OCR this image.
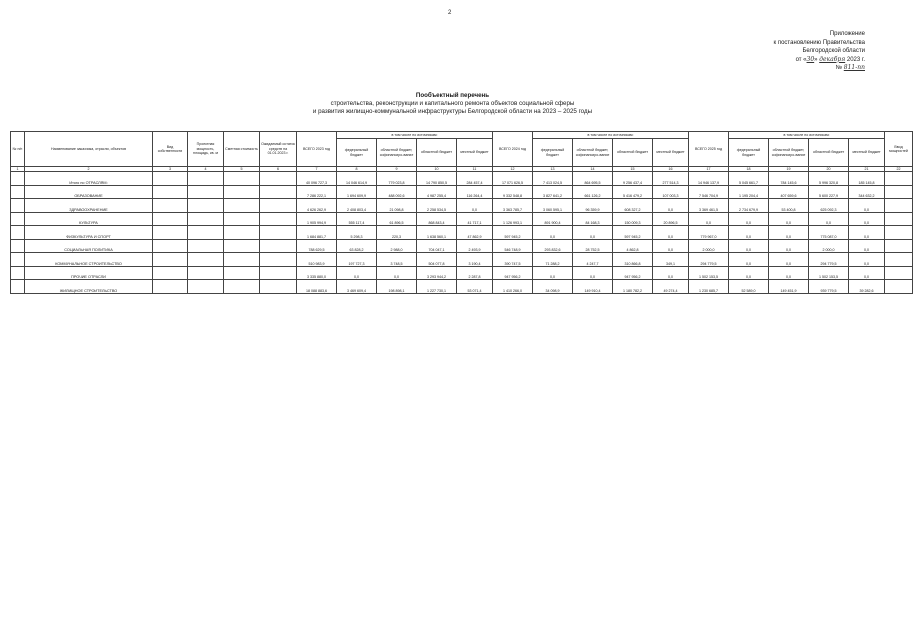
2
Приложение
к постановлению Правительства
Белгородской области
от «30» декабря 2023 г.
№ 811-пп
Пообъектный перечень
строительства, реконструкции и капитального ремонта объектов социальной сферы
и развития жилищно-коммунальной инфраструктуры Белгородской области на 2023 – 2025 годы
№ п/п	Наименование заказчика, отрасли, объектов	Вид собственности	Проектная мощность, площадь, кв. м	Сметная стоимость	Ожидаемый остаток средств на 01.01.2023 г.	ВСЕГО 2023 год	в том числе по источникам:				ВСЕГО 2024 год	в том числе по источникам:				ВСЕГО 2025 год	в том числе по источникам:				Ввод мощностей
							федеральный бюджет	областной бюджет, софинансиро-вание	областной бюджет	местный бюджет		федеральный бюджет	областной бюджет, софинансиро-вание	областной бюджет	местный бюджет		федеральный бюджет	областной бюджет, софинансиро-вание	областной бюджет	местный бюджет	
1	2	3	4	5	6	7	8	9	10	11	12	13	14	15	16	17	18	19	20	21	22
	Итого по ОТРАСЛЯМ:					40 096 727,3	14 046 614,9	779 023,8	14 790 850,5	284 457,4	17 071 626,5	7 413 024,5	864 695,5	9 256 437,4	277 514,3	14 946 137,9	5 045 661,7	784 145,6	5 996 320,8	185 145,8	
	ОБРАЗОВАНИЕ					7 286 222,1	1 694 609,9	488 092,6	4 987 255,4	116 264,4	9 332 548,8	3 827 641,2	661 126,2	5 416 479,2	107 003,3	7 546 704,9	1 195 204,4	407 659,6	5 600 227,9	344 632,2	
	ЗДРАВООХРАНЕНИЕ					4 626 262,9	2 408 803,4	21 098,8	2 258 534,5	0,0	3 363 785,7	3 060 595,1	96 359,9	608 327,2	0,0	3 369 461,5	2 734 679,9	53 400,8	625 092,3	0,0	
	КУЛЬТУРА					1 905 994,9	555 117,4	61 896,5	868 843,4	41 717,1	1 126 993,1	891 900,4	84 168,3	150 009,3	20 896,5	0,0	0,0	0,0	0,0	0,0	
	ФИЗКУЛЬТУРА И СПОРТ					1 684 881,7	5 298,3	220,3	1 638 560,1	47 862,9	597 945,2	0,0	0,0	597 945,2	0,0	779 967,0	0,0	0,0	775 087,0	0,0	
	СОЦИАЛЬНАЯ ПОЛИТИКА					788 629,5	63 828,2	2 988,0	704 047,1	2 493,9	546 748,9	293 832,6	28 752,5	4 862,8	0,0	2 000,0	0,0	0,0	2 000,0	0,0	
	КОММУНАЛЬНОЕ СТРОИТЕЛЬСТВО					510 983,9	197 727,3	3 748,5	504 077,8	3 190,4	390 747,5	71 288,2	4 247,7	310 866,8	349,1	294 779,5	0,0	0,0	294 779,5	0,0	
	ПРОЧИЕ ОТРАСЛИ					3 335 880,0	0,0	0,0	3 293 944,2	2 287,8	947 956,2	0,0	0,0	947 956,2	0,0	1 502 153,5	0,0	0,0	1 502 153,5	0,0	
	ЖИЛИЩНОЕ СТРОИТЕЛЬСТВО					18 088 883,6	3 469 609,4	198 898,1	1 227 730,1	53 071,4	1 410 266,0	34 098,9	149 910,4	1 180 782,2	49 274,4	1 230 685,7	52 589,0	149 451,9	939 779,5	39 282,6	
